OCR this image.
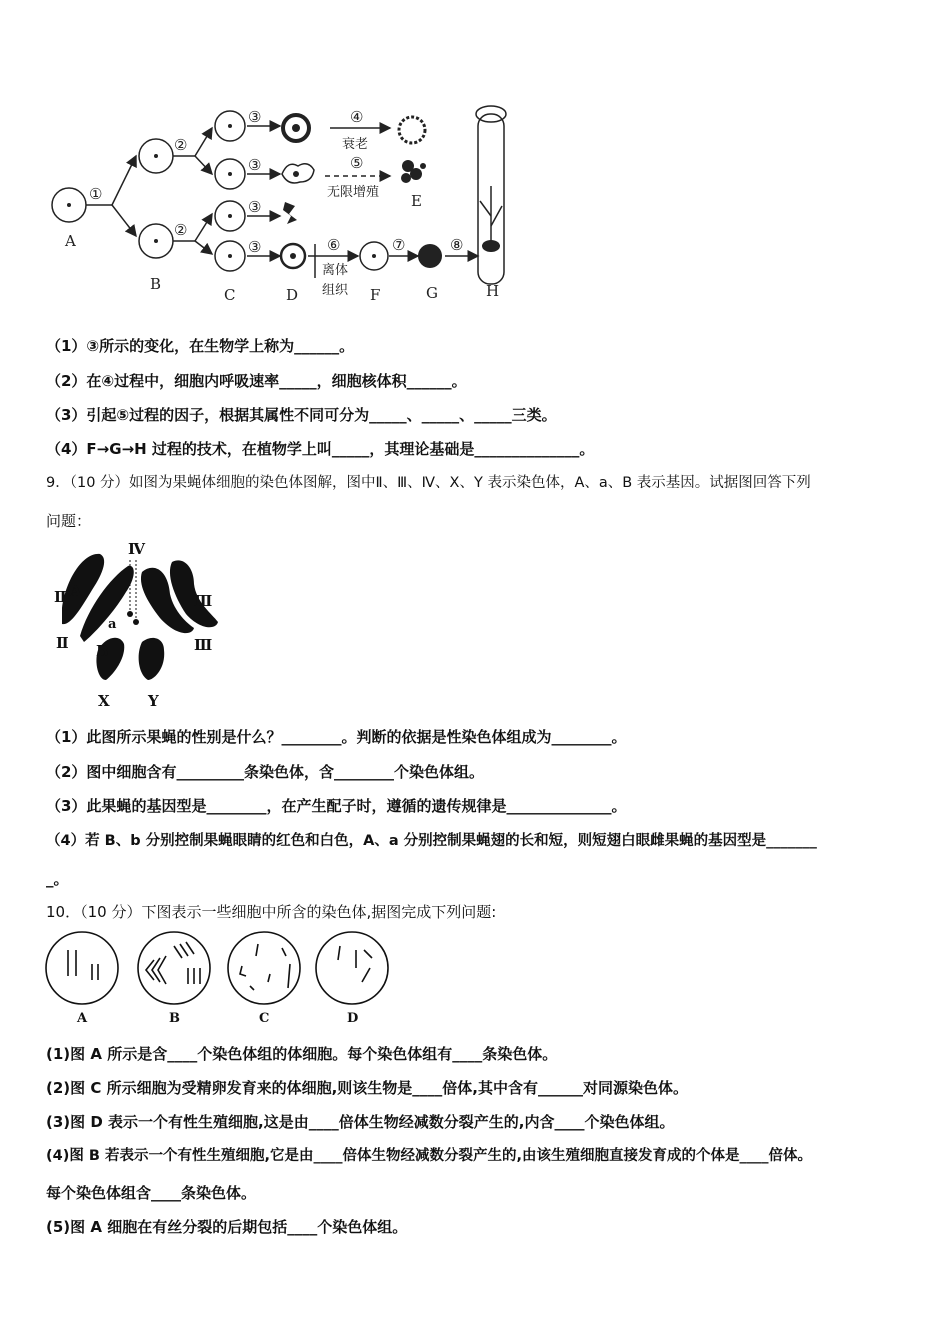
A
B
C	D	F	G	H
E
①
②
②
③
③
③
③
④
衰老
⑤
无限增殖
⑥
离体
组织
⑦	⑧
（1）③所示的变化，在生物学上称为______。
（2）在④过程中，细胞内呼吸速率_____，细胞核体积______。
（3）引起⑤过程的因子，根据其属性不同可分为_____、_____、_____三类。
（4）F→G→H 过程的技术，在植物学上叫_____，其理论基础是______________。
9．（10 分）如图为果蝇体细胞的染色体图解，图中Ⅱ、Ⅲ、Ⅳ、X、Y 表示染色体，A、a、B 表示基因。试据图回答下列
问题：
Ⅳ
Ⅱ A
Ⅱ
a
Ⅲ
Ⅲ
B
X	Y
（1）此图所示果蝇的性别是什么？________。判断的依据是性染色体组成为________。
（2）图中细胞含有_________条染色体，含________个染色体组。
（3）此果蝇的基因型是________，在产生配子时，遵循的遗传规律是______________。
（4）若 B、b 分别控制果蝇眼睛的红色和白色，A、a 分别控制果蝇翅的长和短，则短翅白眼雌果蝇的基因型是_______
_。
10．（10 分）下图表示一些细胞中所含的染色体,据图完成下列问题:
A	B	C	D
(1)图 A 所示是含____个染色体组的体细胞。每个染色体组有____条染色体。
(2)图 C 所示细胞为受精卵发育来的体细胞,则该生物是____倍体,其中含有______对同源染色体。
(3)图 D 表示一个有性生殖细胞,这是由____倍体生物经减数分裂产生的,内含____个染色体组。
(4)图 B 若表示一个有性生殖细胞,它是由____倍体生物经减数分裂产生的,由该生殖细胞直接发育成的个体是____倍体。
每个染色体组含____条染色体。
(5)图 A 细胞在有丝分裂的后期包括____个染色体组。
